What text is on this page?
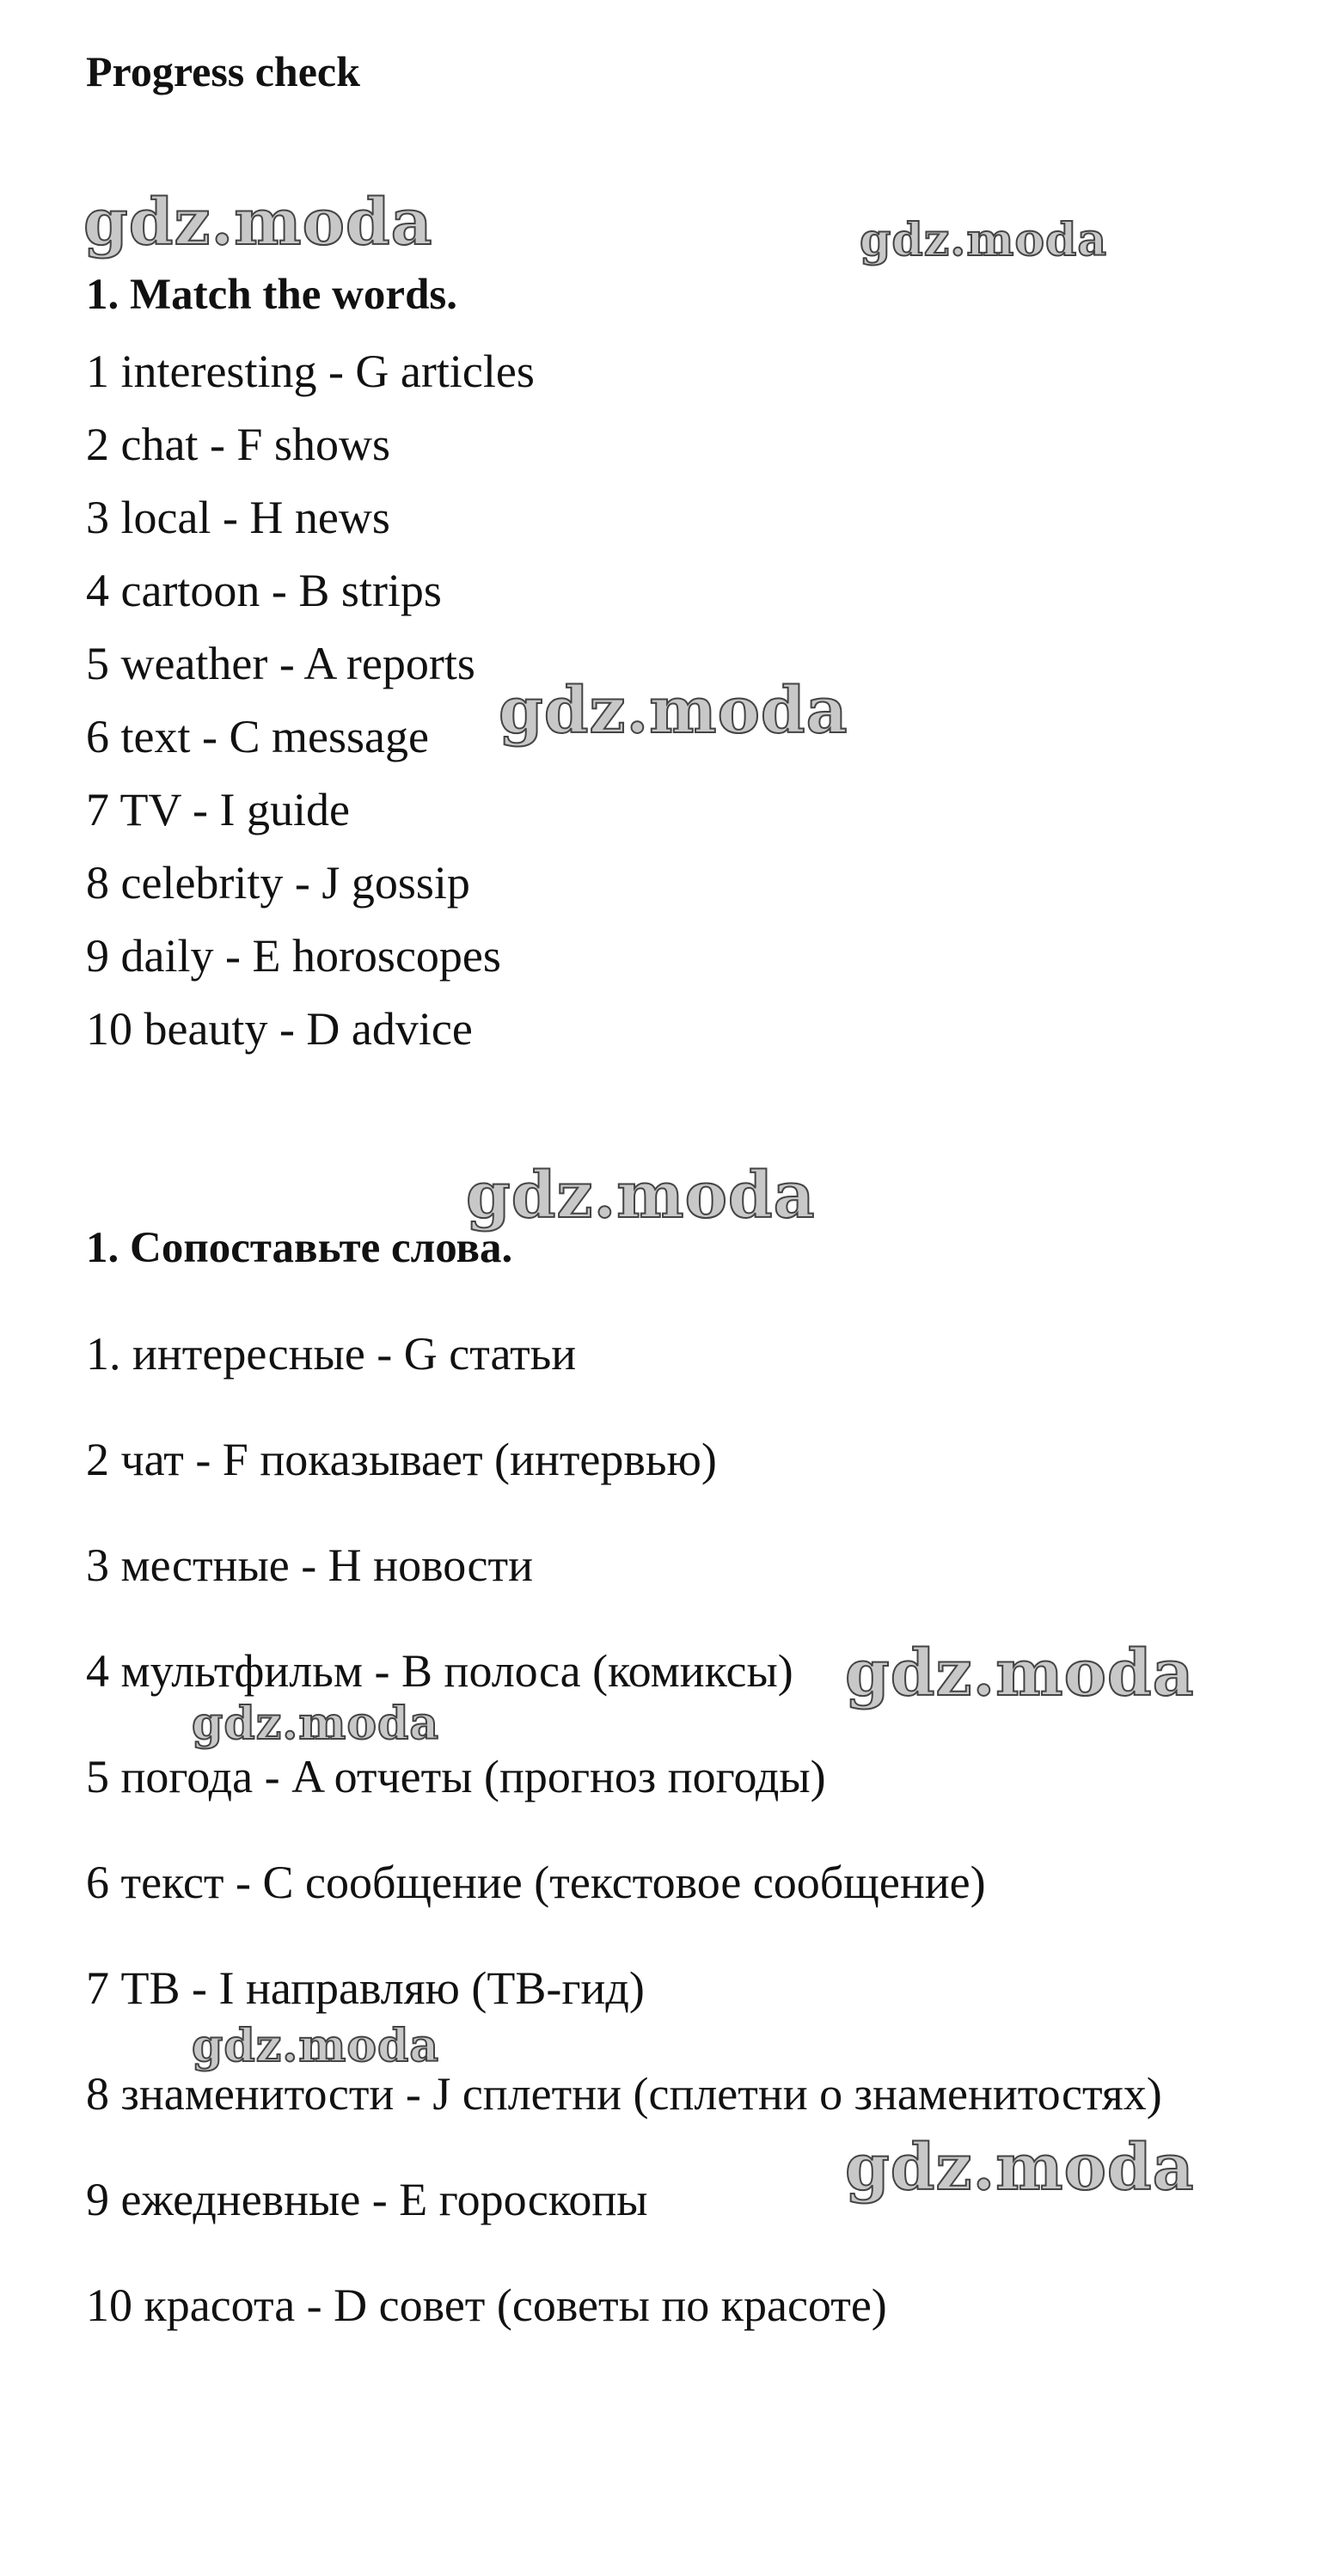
Progress check
1. Match the words.
1 interesting - G articles
2 chat - F shows
3 local - H news
4 cartoon - B strips
5 weather - A reports
6 text - C message
7 TV - I guide
8 celebrity - J gossip
9 daily - E horoscopes
10 beauty - D advice
1. Сопоставьте слова.
1. интересные - G статьи
2 чат - F показывает (интервью)
3 местные - H новости
4 мультфильм - B полоса (комиксы)
5 погода - A отчеты (прогноз погоды)
6 текст - C сообщение (текстовое сообщение)
7 ТВ - I направляю (ТВ-гид)
8 знаменитости - J сплетни (сплетни о знаменитостях)
9 ежедневные - E гороскопы
10 красота - D совет (советы по красоте)
gdz.moda	gdz.moda
gdz.moda
gdz.moda
gdz.moda
gdz.moda
gdz.moda
gdz.moda
